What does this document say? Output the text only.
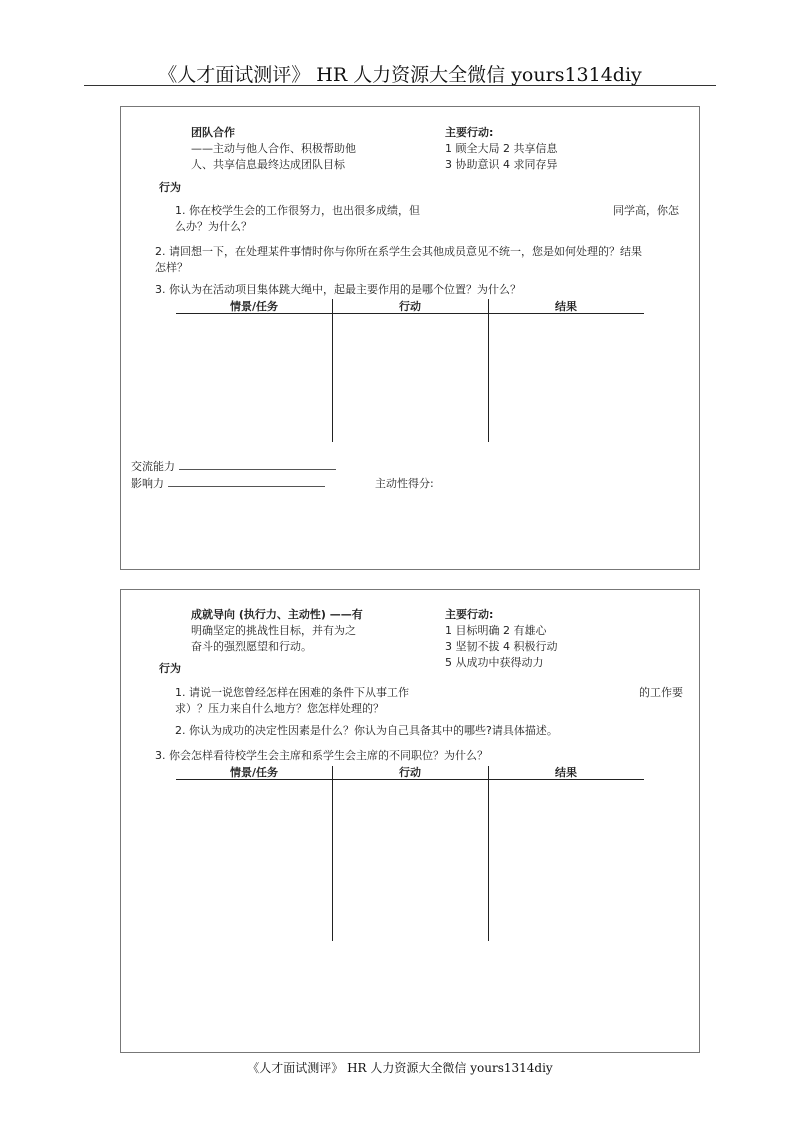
《人才面试测评》 HR 人力资源大全微信 yours1314diy
团队合作
——主动与他人合作、积极帮助他
人、共享信息最终达成团队目标
主要行动:
1 顾全大局 2 共享信息
3 协助意识 4 求同存异
行为
1. 你在校学生会的工作很努力，也出很多成绩，但	同学高，你怎
么办？为什么？
2. 请回想一下，在处理某件事情时你与你所在系学生会其他成员意见不统一，您是如何处理的？结果
怎样？
3. 你认为在活动项目集体跳大绳中，起最主要作用的是哪个位置？为什么？
情景/任务	行动	结果
交流能力
影响力	主动性得分:
成就导向 (执行力、主动性) ——有
明确坚定的挑战性目标，并有为之
奋斗的强烈愿望和行动。
主要行动:
1 目标明确 2 有雄心
3 坚韧不拔 4 积极行动
5 从成功中获得动力
行为
1. 请说一说您曾经怎样在困难的条件下从事工作	的工作要
求）？压力来自什么地方？您怎样处理的？
2. 你认为成功的决定性因素是什么？你认为自己具备其中的哪些?请具体描述。
3. 你会怎样看待校学生会主席和系学生会主席的不同职位？为什么？
情景/任务	行动	结果
《人才面试测评》 HR 人力资源大全微信 yours1314diy
